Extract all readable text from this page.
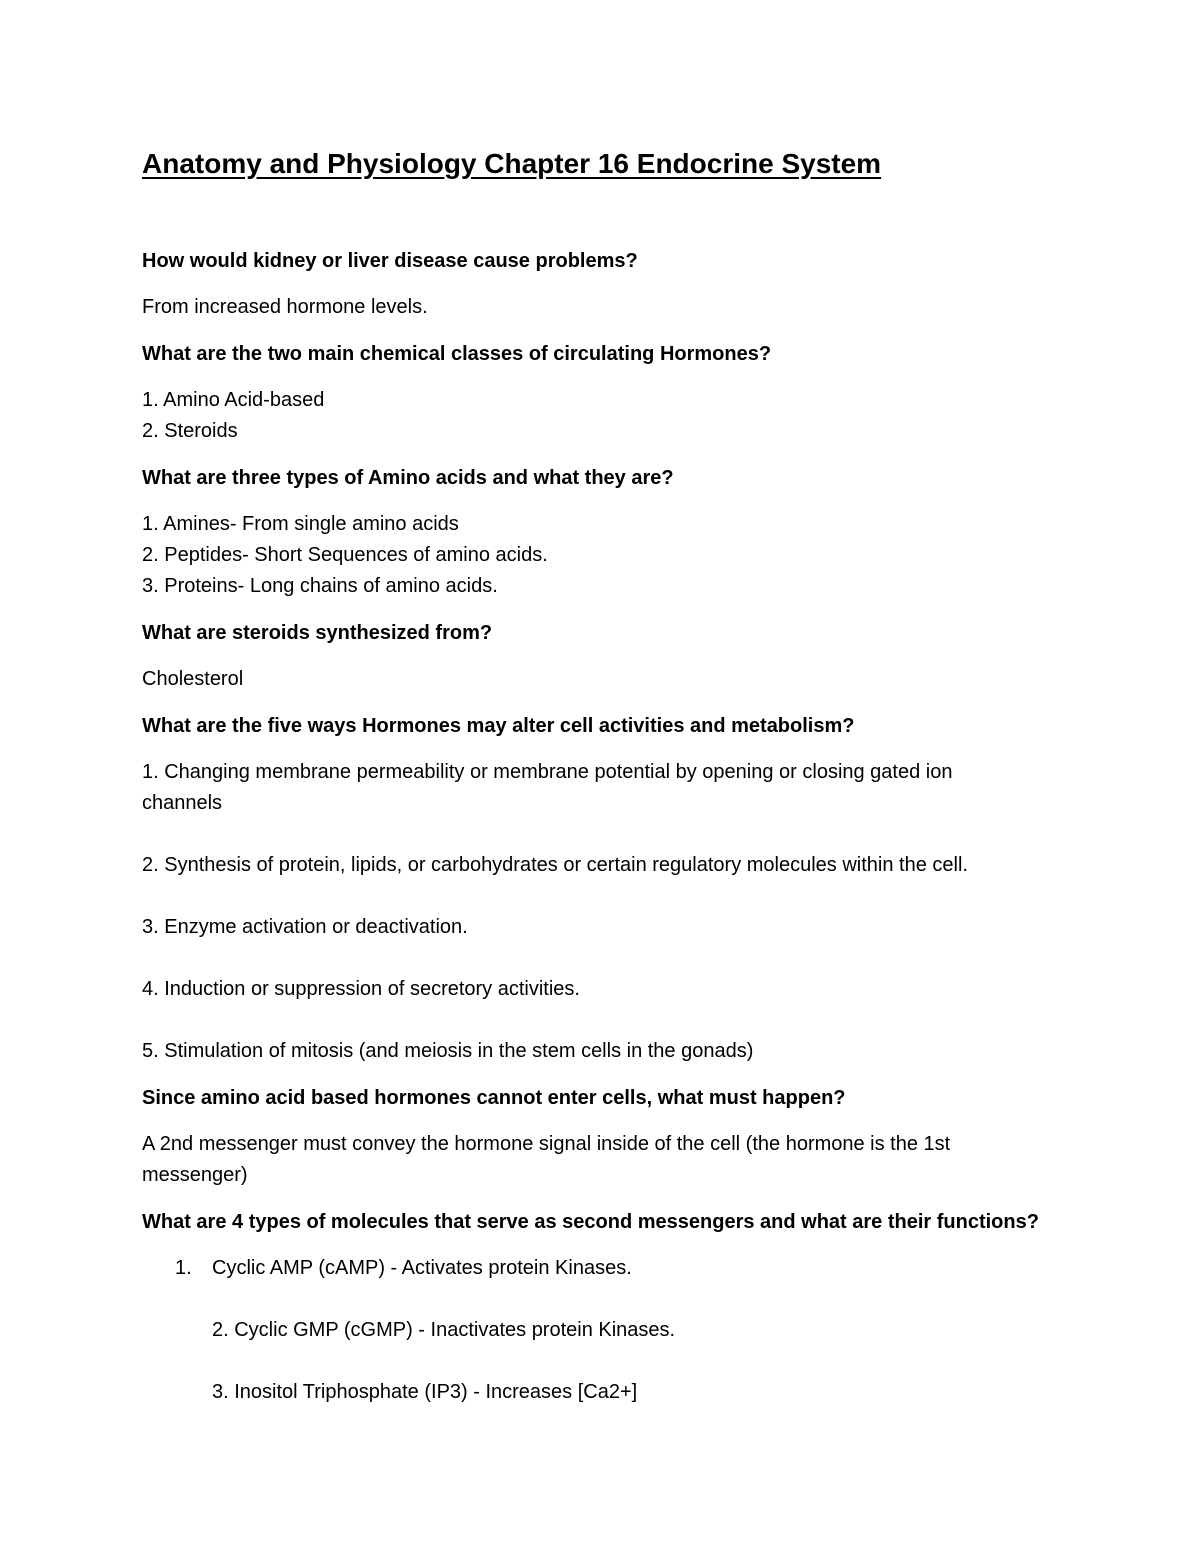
Anatomy and Physiology Chapter 16 Endocrine System

How would kidney or liver disease cause problems?

From increased hormone levels.

What are the two main chemical classes of circulating Hormones?

1. Amino Acid-based

2. Steroids

What are three types of Amino acids and what they are?

1. Amines- From single amino acids

2. Peptides- Short Sequences of amino acids.

3. Proteins- Long chains of amino acids.

What are steroids synthesized from?

Cholesterol

What are the five ways Hormones may alter cell activities and metabolism?

1. Changing membrane permeability or membrane potential by opening or closing gated ion

channels

2. Synthesis of protein, lipids, or carbohydrates or certain regulatory molecules within the cell.

3. Enzyme activation or deactivation.

4. Induction or suppression of secretory activities.

5. Stimulation of mitosis (and meiosis in the stem cells in the gonads)

Since amino acid based hormones cannot enter cells, what must happen?

A 2nd messenger must convey the hormone signal inside of the cell (the hormone is the 1st

messenger)

What are 4 types of molecules that serve as second messengers and what are their functions?

1. Cyclic AMP (cAMP) - Activates protein Kinases.

2. Cyclic GMP (cGMP) - Inactivates protein Kinases.

3. Inositol Triphosphate (IP3) - Increases [Ca2+]
